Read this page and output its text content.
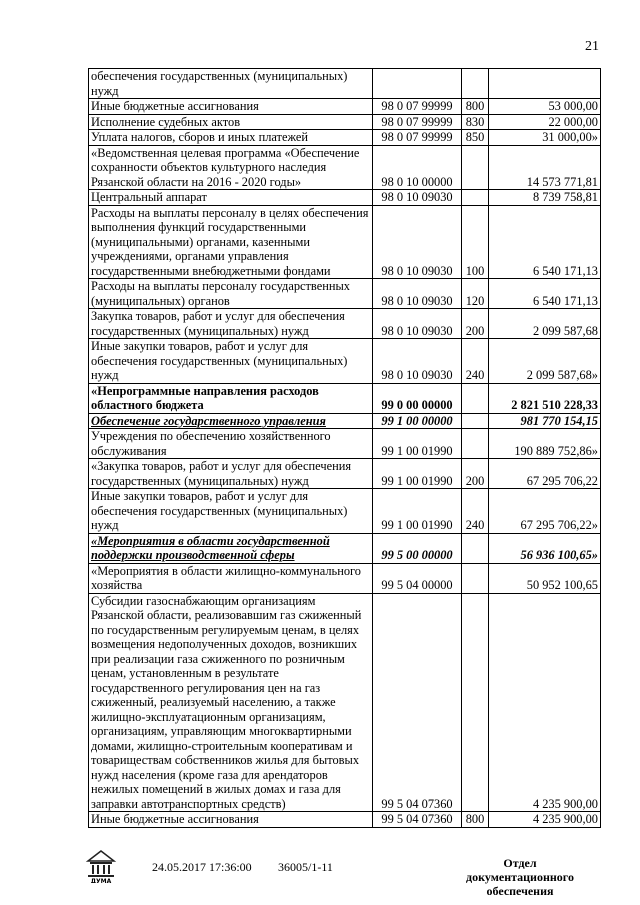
21
обеспечения государственных (муниципальных) нужд			
Иные бюджетные ассигнования	98 0 07 99999	800	53 000,00
Исполнение судебных актов	98 0 07 99999	830	22 000,00
Уплата налогов, сборов и иных платежей	98 0 07 99999	850	31 000,00»
«Ведомственная целевая программа «Обеспечение сохранности объектов культурного наследия Рязанской области на 2016 - 2020 годы»	98 0 10 00000		14 573 771,81
Центральный аппарат	98 0 10 09030		8 739 758,81
Расходы на выплаты персоналу в целях обеспечения выполнения функций государственными (муниципальными) органами, казенными учреждениями, органами управления государственными внебюджетными фондами	98 0 10 09030	100	6 540 171,13
Расходы на выплаты персоналу государственных (муниципальных) органов	98 0 10 09030	120	6 540 171,13
Закупка товаров, работ и услуг для обеспечения государственных (муниципальных) нужд	98 0 10 09030	200	2 099 587,68
Иные закупки товаров, работ и услуг для обеспечения государственных (муниципальных) нужд	98 0 10 09030	240	2 099 587,68»
«Непрограммные направления расходов областного бюджета	99 0 00 00000		2 821 510 228,33
Обеспечение государственного управления	99 1 00 00000		981 770 154,15
Учреждения по обеспечению хозяйственного обслуживания	99 1 00 01990		190 889 752,86»
«Закупка товаров, работ и услуг для обеспечения государственных (муниципальных) нужд	99 1 00 01990	200	67 295 706,22
Иные закупки товаров, работ и услуг для обеспечения государственных (муниципальных) нужд	99 1 00 01990	240	67 295 706,22»
«Мероприятия в области государственной поддержки производственной сферы	99 5 00 00000		56 936 100,65»
«Мероприятия в области жилищно-коммунального хозяйства	99 5 04 00000		50 952 100,65
Субсидии газоснабжающим организациям Рязанской области, реализовавшим газ сжиженный по государственным регулируемым ценам, в целях возмещения недополученных доходов, возникших при реализации газа сжиженного по розничным ценам, установленным в результате государственного регулирования цен на газ сжиженный, реализуемый населению, а также жилищно-эксплуатационным организациям, организациям, управляющим многоквартирными домами, жилищно-строительным кооперативам и товариществам собственников жилья для бытовых нужд населения (кроме газа для арендаторов нежилых помещений в жилых домах и газа для заправки автотранспортных средств)	99 5 04 07360		4 235 900,00
Иные бюджетные ассигнования	99 5 04 07360	800	4 235 900,00
ДУМА
24.05.2017 17:36:00 36005/1-11	Отдел документационного обеспечения
